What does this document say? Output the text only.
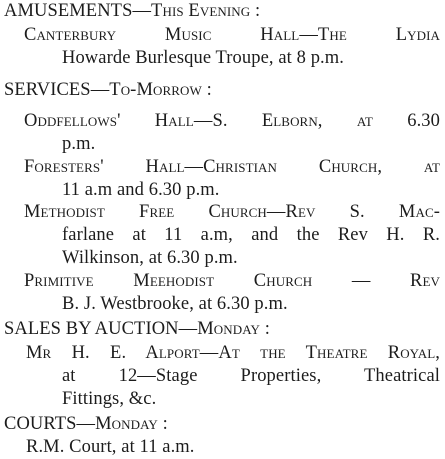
AMUSEMENTS—This Evening :
Canterbury Music Hall—The Lydia
Howarde Burlesque Troupe, at 8 p.m.
SERVICES—To-Morrow :
Oddfellows' Hall—S. Elborn, at 6.30
p.m.
Foresters' Hall—Christian Church, at
11 a.m and 6.30 p.m.
Methodist Free Church—Rev S. Mac-
farlane at 11 a.m, and the Rev H. R.
Wilkinson, at 6.30 p.m.
Primitive Meehodist Church — Rev
B. J. Westbrooke, at 6.30 p.m.
SALES BY AUCTION—Monday :
Mr H. E. Alport—At the Theatre Royal,
at 12—Stage Properties, Theatrical
Fittings, &c.
COURTS—Monday :
R.M. Court, at 11 a.m.
